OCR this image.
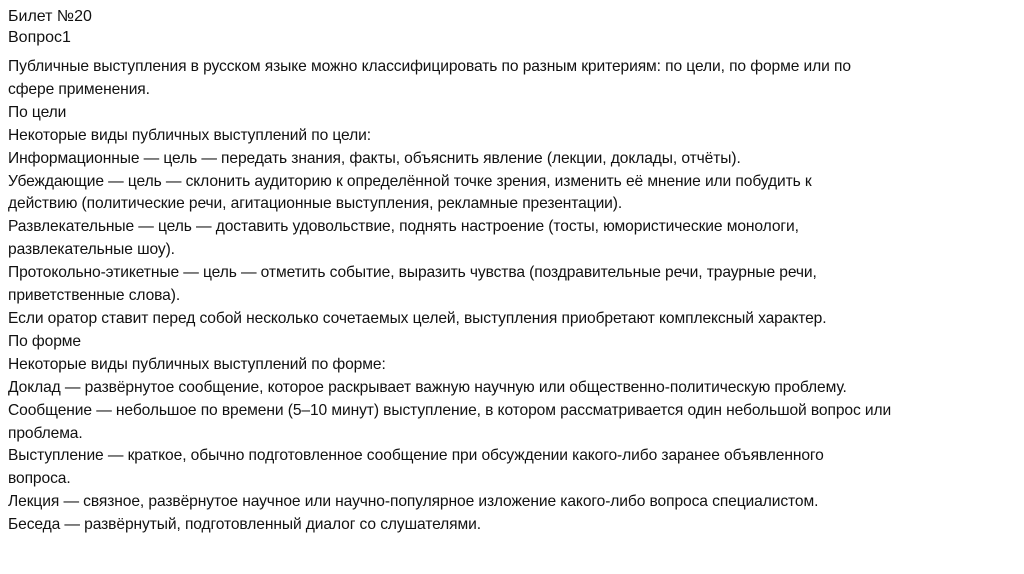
Билет №20
Вопрос1
Публичные выступления в русском языке можно классифицировать по разным критериям: по цели, по форме или по
сфере применения.
По цели
Некоторые виды публичных выступлений по цели:
Информационные — цель — передать знания, факты, объяснить явление (лекции, доклады, отчёты).
Убеждающие — цель — склонить аудиторию к определённой точке зрения, изменить её мнение или побудить к
действию (политические речи, агитационные выступления, рекламные презентации).
Развлекательные — цель — доставить удовольствие, поднять настроение (тосты, юмористические монологи,
развлекательные шоу).
Протокольно-этикетные — цель — отметить событие, выразить чувства (поздравительные речи, траурные речи,
приветственные слова).
Если оратор ставит перед собой несколько сочетаемых целей, выступления приобретают комплексный характер.
По форме
Некоторые виды публичных выступлений по форме:
Доклад — развёрнутое сообщение, которое раскрывает важную научную или общественно-политическую проблему.
Сообщение — небольшое по времени (5–10 минут) выступление, в котором рассматривается один небольшой вопрос или
проблема.
Выступление — краткое, обычно подготовленное сообщение при обсуждении какого-либо заранее объявленного
вопроса.
Лекция — связное, развёрнутое научное или научно-популярное изложение какого-либо вопроса специалистом.
Беседа — развёрнутый, подготовленный диалог со слушателями.
